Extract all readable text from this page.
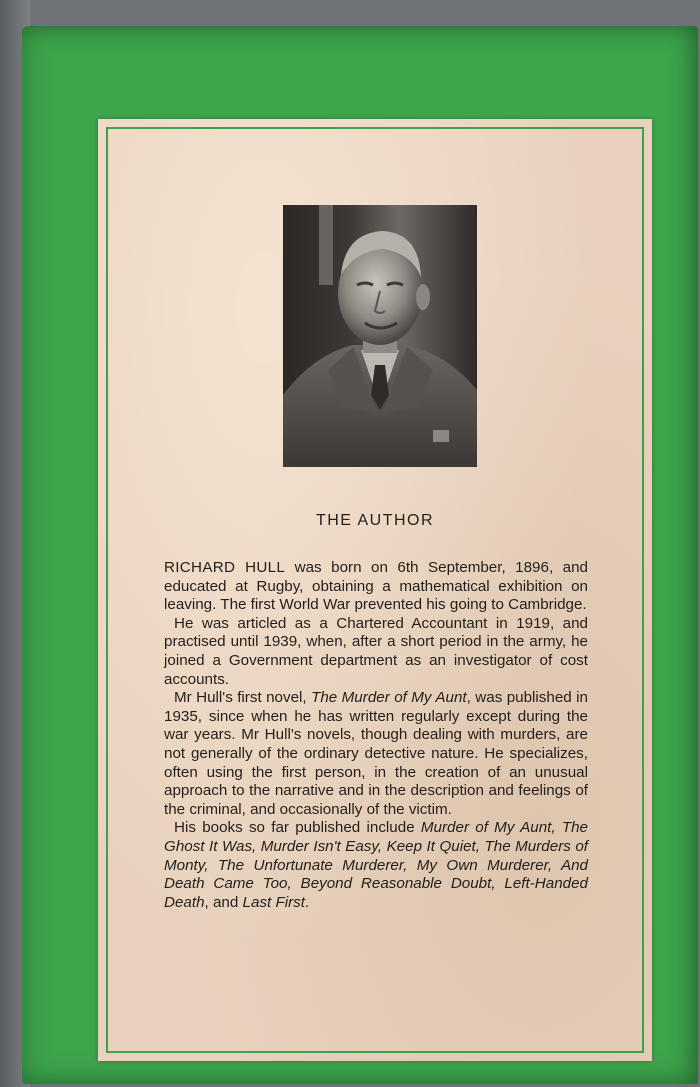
THE AUTHOR

RICHARD HULL was born on 6th September, 1896, and educated at Rugby, obtaining a mathematical exhibition on leaving. The first World War prevented his going to Cambridge.

He was articled as a Chartered Accountant in 1919, and practised until 1939, when, after a short period in the army, he joined a Government department as an investigator of cost accounts.

Mr Hull's first novel, The Murder of My Aunt, was published in 1935, since when he has written regularly except during the war years. Mr Hull's novels, though dealing with murders, are not generally of the ordinary detective nature. He specializes, often using the first person, in the creation of an unusual approach to the narrative and in the description and feelings of the criminal, and occasionally of the victim.

His books so far published include Murder of My Aunt, The Ghost It Was, Murder Isn't Easy, Keep It Quiet, The Murders of Monty, The Unfortunate Murderer, My Own Murderer, And Death Came Too, Beyond Reasonable Doubt, Left-Handed Death, and Last First.
